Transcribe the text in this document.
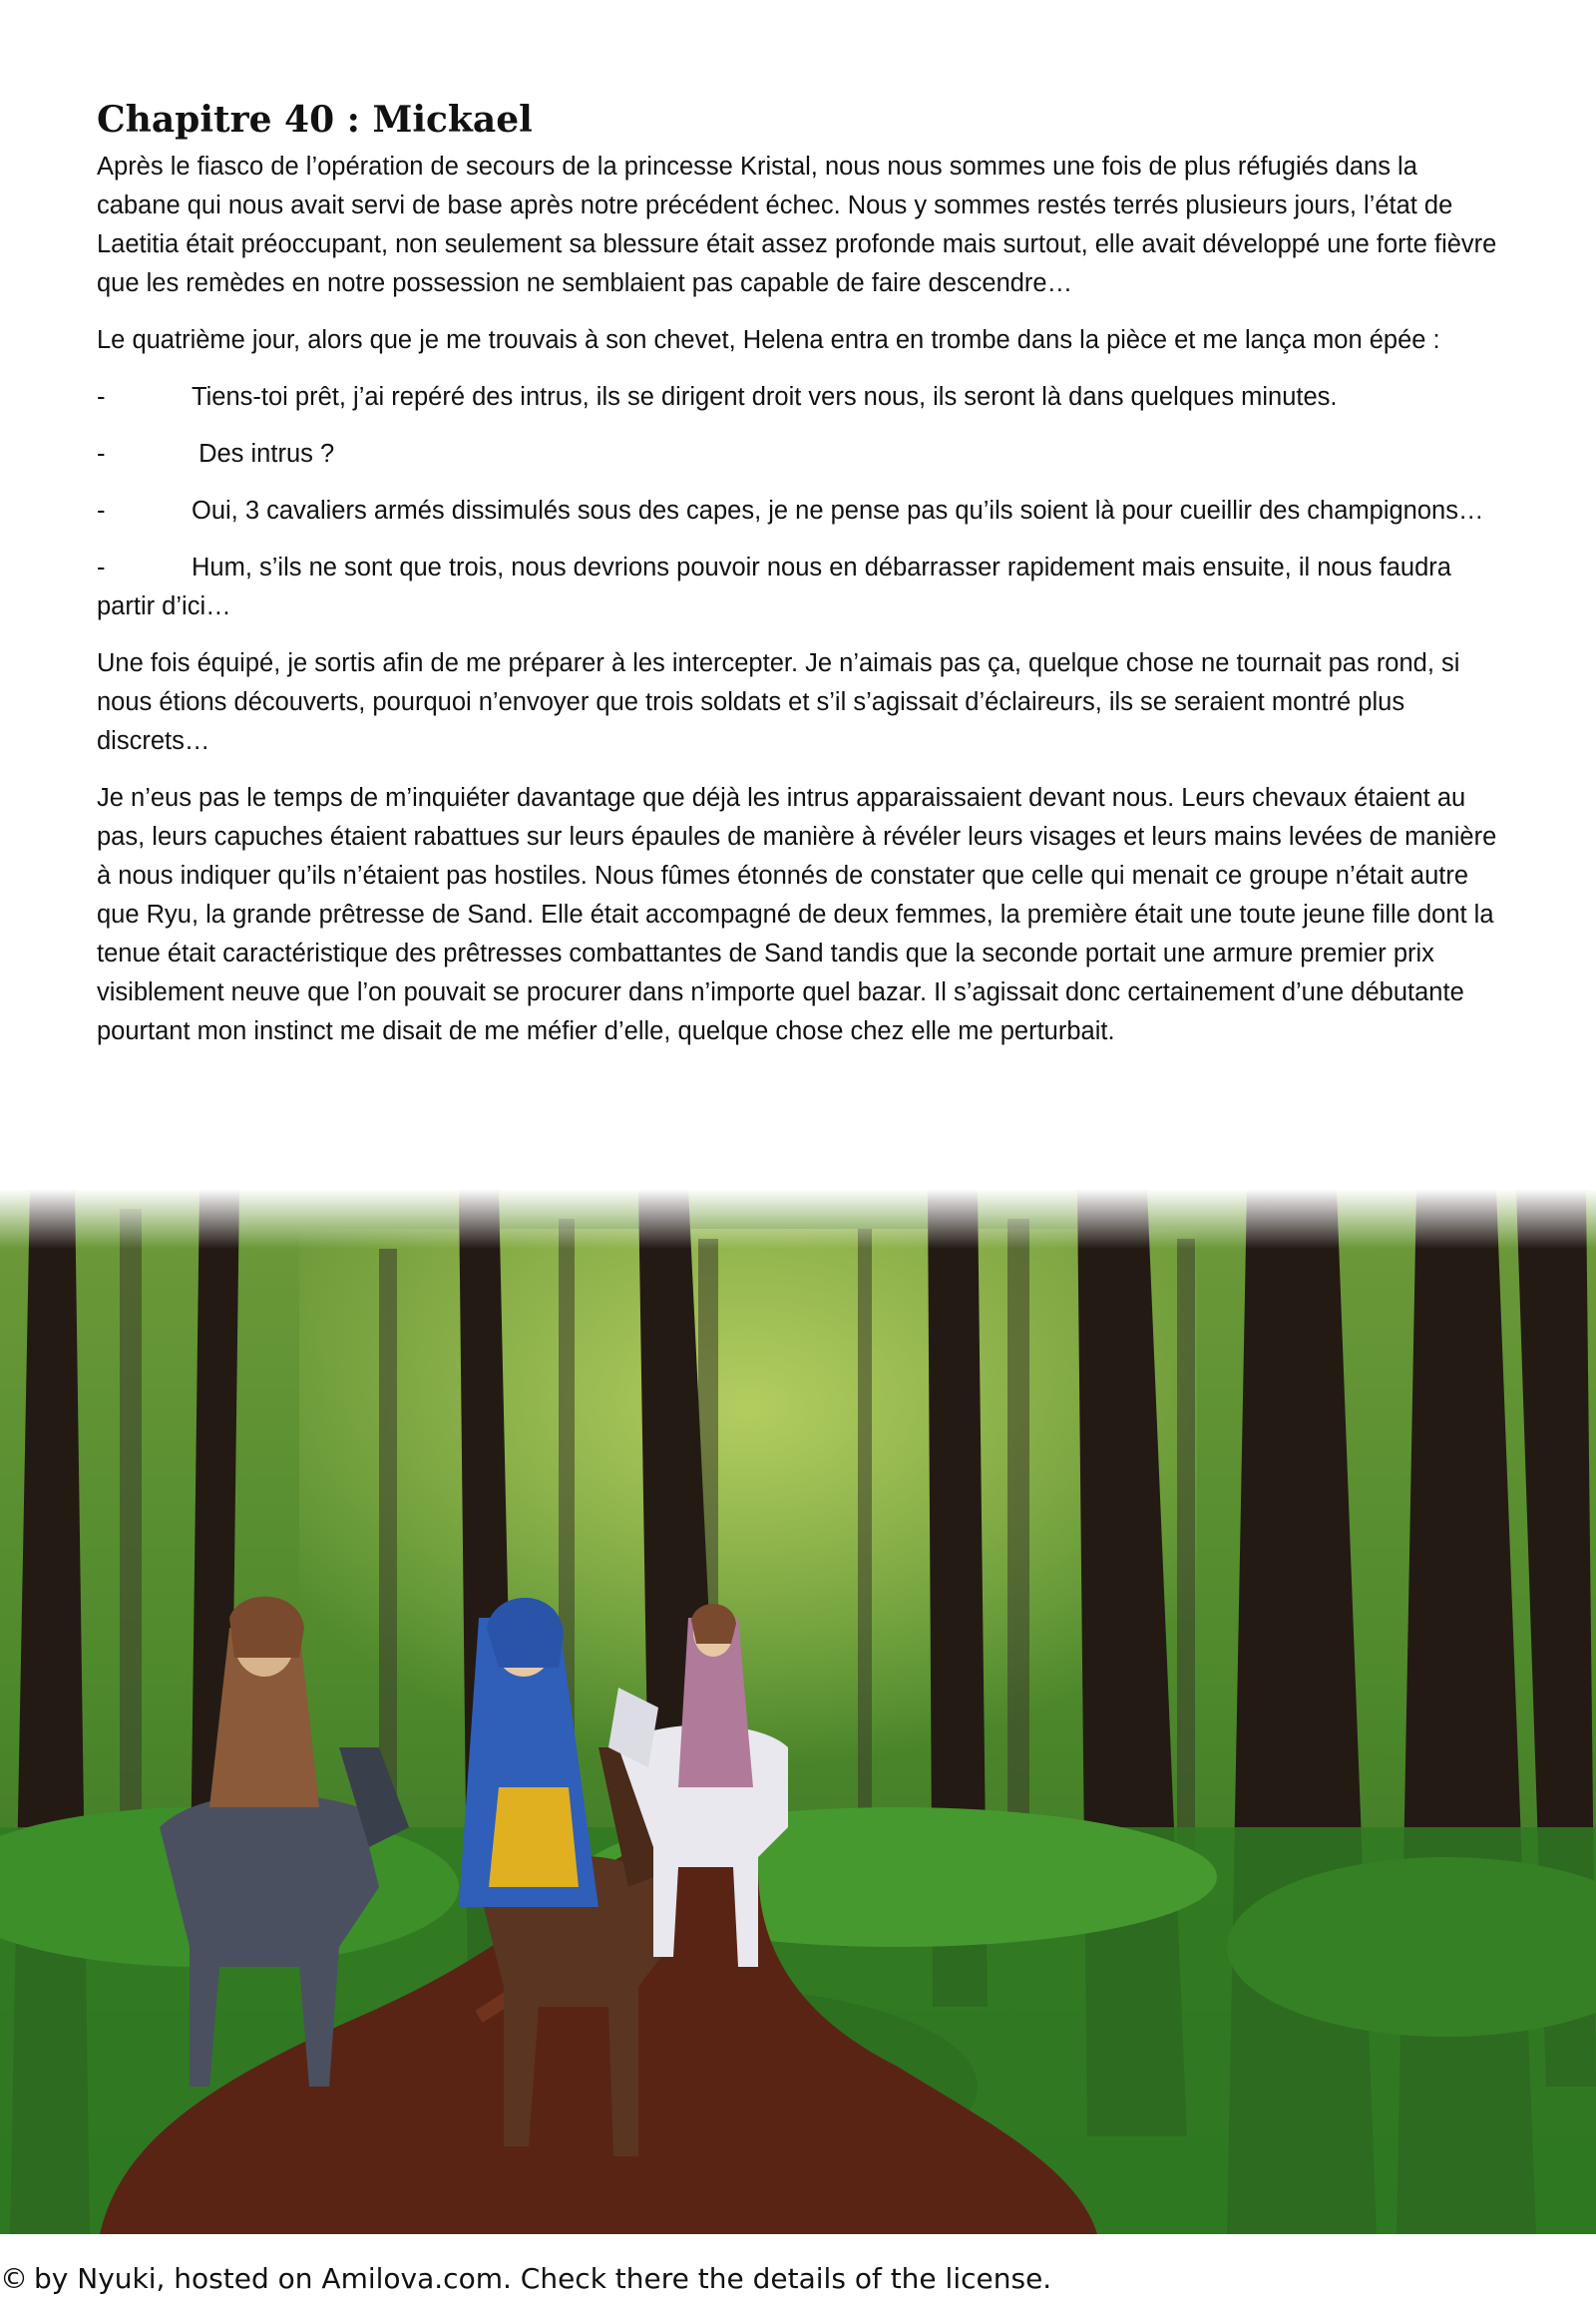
Chapitre 40 : Mickael

Après le fiasco de l’opération de secours de la princesse Kristal, nous nous sommes une fois de plus réfugiés dans la cabane qui nous avait servi de base après notre précédent échec. Nous y sommes restés terrés plusieurs jours, l’état de Laetitia était préoccupant, non seulement sa blessure était assez profonde mais surtout, elle avait développé une forte fièvre que les remèdes en notre possession ne semblaient pas capable de faire descendre…

Le quatrième jour, alors que je me trouvais à son chevet, Helena entra en trombe dans la pièce et me lança mon épée :

-	Tiens-toi prêt, j’ai repéré des intrus, ils se dirigent droit vers nous, ils seront là dans quelques minutes.

-	Des intrus ?

-	Oui, 3 cavaliers armés dissimulés sous des capes, je ne pense pas qu’ils soient là pour cueillir des champignons…

-	Hum, s’ils ne sont que trois, nous devrions pouvoir nous en débarrasser rapidement mais ensuite, il nous faudra partir d’ici…

Une fois équipé, je sortis afin de me préparer à les intercepter. Je n’aimais pas ça, quelque chose ne tournait pas rond, si nous étions découverts, pourquoi n’envoyer que trois soldats et s’il s’agissait d’éclaireurs, ils se seraient montré plus discrets…

Je n’eus pas le temps de m’inquiéter davantage que déjà les intrus apparaissaient devant nous. Leurs chevaux étaient au pas, leurs capuches étaient rabattues sur leurs épaules de manière à révéler leurs visages et leurs mains levées de manière à nous indiquer qu’ils n’étaient pas hostiles. Nous fûmes étonnés de constater que celle qui menait ce groupe n’était autre que Ryu, la grande prêtresse de Sand. Elle était accompagné de deux femmes, la première était une toute jeune fille dont la tenue était caractéristique des prêtresses combattantes de Sand tandis que la seconde portait une armure premier prix visiblement neuve que l’on pouvait se procurer dans n’importe quel bazar. Il s’agissait donc certainement d’une débutante pourtant mon instinct me disait de me méfier d’elle, quelque chose chez elle me perturbait.

© by Nyuki, hosted on Amilova.com. Check there the details of the license.
